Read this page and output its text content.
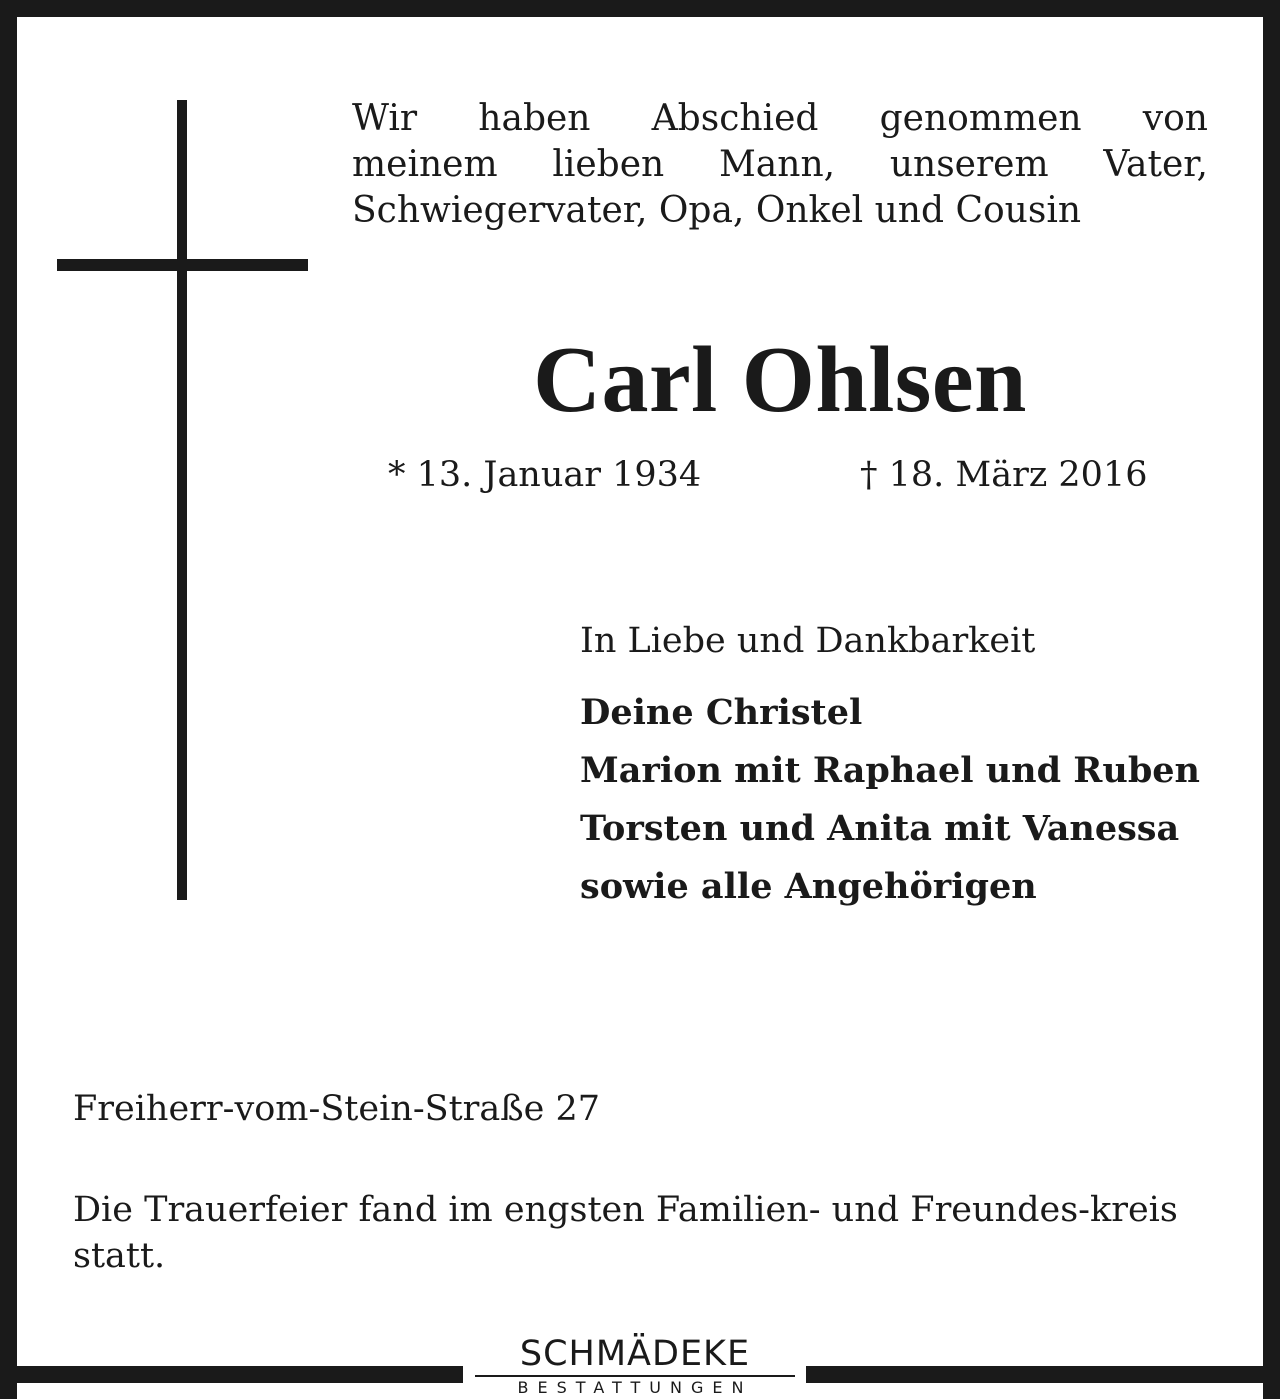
Wir haben Abschied genommen von
meinem lieben Mann, unserem Vater,
Schwiegervater, Opa, Onkel und Cousin

Carl Ohlsen
* 13. Januar 1934	† 18. März 2016
In Liebe und Dankbarkeit
Deine Christel
Marion mit Raphael und Ruben
Torsten und Anita mit Vanessa
sowie alle Angehörigen
Freiherr-vom-Stein-Straße 27

Die Trauerfeier fand im engsten Familien- und Freundes-kreis statt.

SCHMÄDEKE
BESTATTUNGEN
